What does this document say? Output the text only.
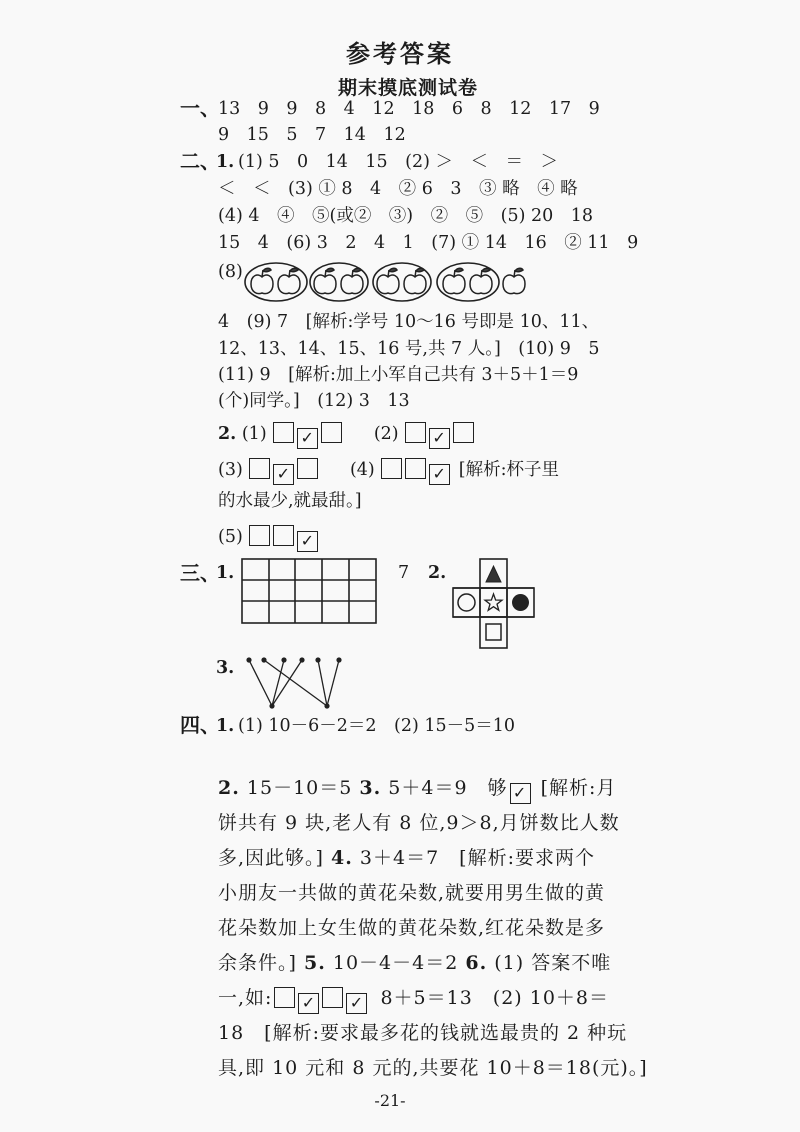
参考答案
期末摸底测试卷
一、
13　9　9　8　4　12　18　6　8　12　17　9
9　15　5　7　14　12
二、
1. (1) 5　0　14　15　(2) ＞　＜　＝　＞
＜　＜　(3) ① 8　4　② 6　3　③ 略　④ 略
(4) 4　④　⑤(或②　③)　②　⑤　(5) 20　18
15　4　(6) 3　2　4　1　(7) ① 14　16　② 11　9
(8)
4　(9) 7　[解析:学号 10～16 号即是 10、11、
12、13、14、15、16 号,共 7 人。]　(10) 9　5
(11) 9　[解析:加上小军自己共有 3＋5＋1＝9
(个)同学。]　(12) 3　13
2. (1) ✓	(2) ✓
(3) ✓	(4)	✓ [解析:杯子里
的水最少,就最甜。]
(5)	✓
三、
1.	7 2.
3.
四、
1. (1) 10－6－2＝2　(2) 15－5＝10
2. 15－10＝5 3. 5＋4＝9　够 ✓ [解析:月
饼共有 9 块,老人有 8 位,9＞8,月饼数比人数
多,因此够。] 4. 3＋4＝7　[解析:要求两个
小朋友一共做的黄花朵数,就要用男生做的黄
花朵数加上女生做的黄花朵数,红花朵数是多
余条件。] 5. 10－4－4＝2 6. (1) 答案不唯
一,如: ✓ ✓ 8＋5＝13　(2) 10＋8＝
18　[解析:要求最多花的钱就选最贵的 2 种玩
具,即 10 元和 8 元的,共要花 10＋8＝18(元)。]
-21-
